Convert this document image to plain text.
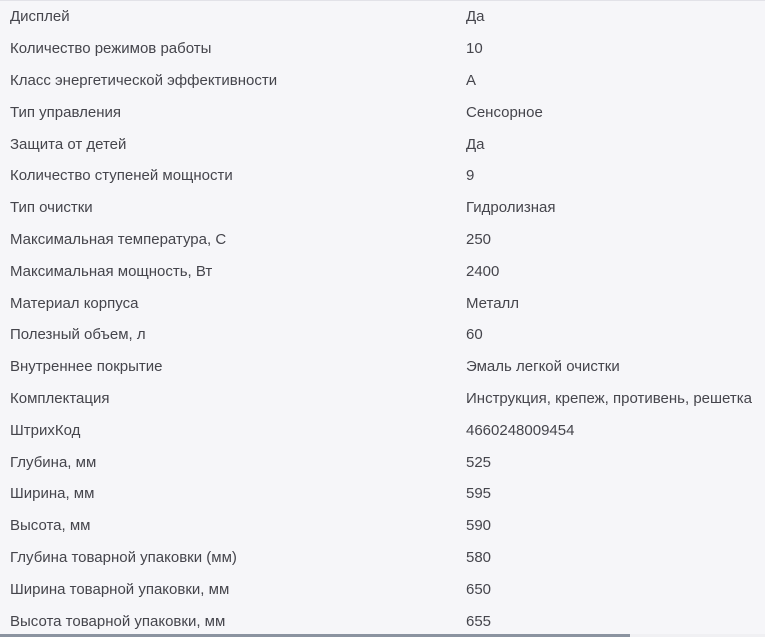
Дисплей	Да
Количество режимов работы	10
Класс энергетической эффективности	А
Тип управления	Сенсорное
Защита от детей	Да
Количество ступеней мощности	9
Тип очистки	Гидролизная
Максимальная температура, С	250
Максимальная мощность, Вт	2400
Материал корпуса	Металл
Полезный объем, л	60
Внутреннее покрытие	Эмаль легкой очистки
Комплектация	Инструкция, крепеж, противень, решетка
ШтрихКод	4660248009454
Глубина, мм	525
Ширина, мм	595
Высота, мм	590
Глубина товарной упаковки (мм)	580
Ширина товарной упаковки, мм	650
Высота товарной упаковки, мм	655
